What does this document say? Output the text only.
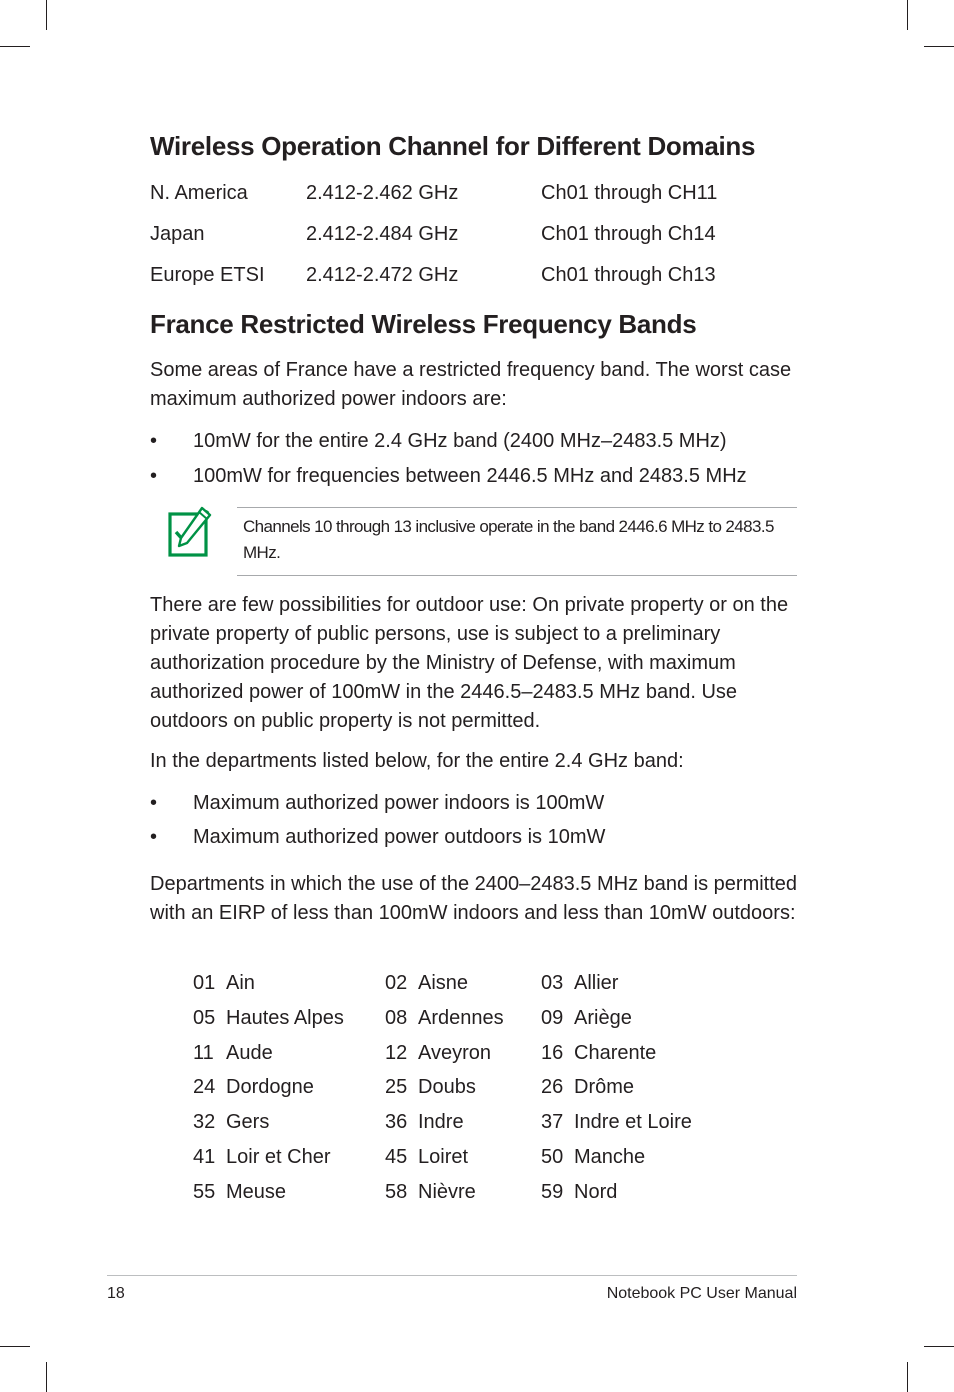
Wireless Operation Channel for Different Domains
N. America	2.412-2.462 GHz	Ch01 through CH11
Japan	2.412-2.484 GHz	Ch01 through Ch14
Europe ETSI 2.412-2.472 GHz	Ch01 through Ch13
France Restricted Wireless Frequency Bands

Some areas of France have a restricted frequency band. The worst case maximum authorized power indoors are:

• 10mW for the entire 2.4 GHz band (2400 MHz–2483.5 MHz)
• 100mW for frequencies between 2446.5 MHz and 2483.5 MHz

Channels 10 through 13 inclusive operate in the band 2446.6 MHz to 2483.5 MHz.

There are few possibilities for outdoor use: On private property or on the private property of public persons, use is subject to a preliminary authorization procedure by the Ministry of Defense, with maximum authorized power of 100mW in the 2446.5–2483.5 MHz band. Use outdoors on public property is not permitted.

In the departments listed below, for the entire 2.4 GHz band:

• Maximum authorized power indoors is 100mW
• Maximum authorized power outdoors is 10mW

Departments in which the use of the 2400–2483.5 MHz band is permitted with an EIRP of less than 100mW indoors and less than 10mW outdoors:

01 Ain	02 Aisne	03 Allier
05 Hautes Alpes 08 Ardennes 09 Ariège
11 Aude	12 Aveyron 16 Charente
24 Dordogne	25 Doubs	26 Drôme
32 Gers	36 Indre	37 Indre et Loire
41 Loir et Cher	45 Loiret	50 Manche
55 Meuse	58 Nièvre	59 Nord
18	Notebook PC User Manual
